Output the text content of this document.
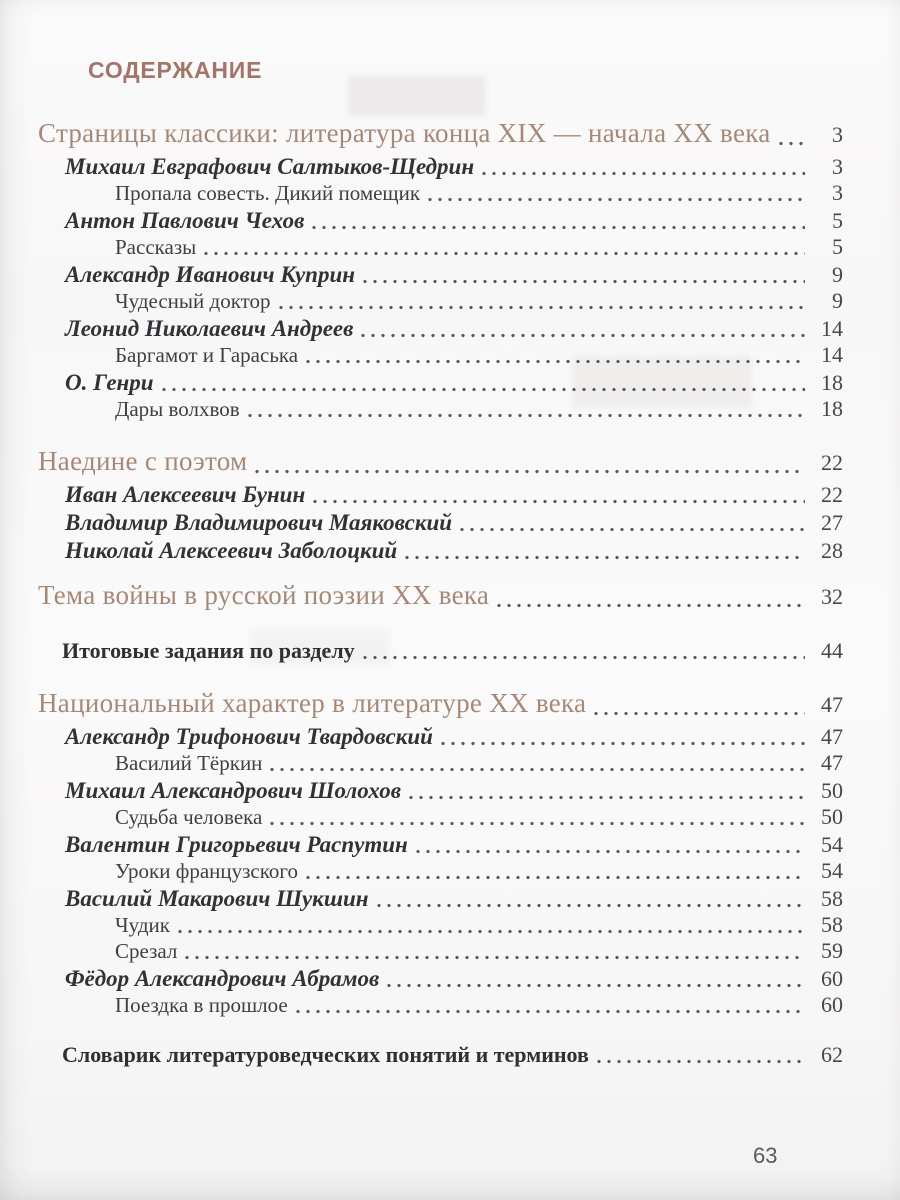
СОДЕРЖАНИЕ
Страницы классики: литература конца XIX — начала XX века	3
Михаил Евграфович Салтыков-Щедрин	3
Пропала совесть. Дикий помещик	3
Антон Павлович Чехов	5
Рассказы	5
Александр Иванович Куприн	9
Чудесный доктор	9
Леонид Николаевич Андреев	14
Баргамот и Гараська	14
О. Генри	18
Дары волхвов	18
Наедине с поэтом	22
Иван Алексеевич Бунин	22
Владимир Владимирович Маяковский	27
Николай Алексеевич Заболоцкий	28
Тема войны в русской поэзии XX века	32
Итоговые задания по разделу	44
Национальный характер в литературе XX века	47
Александр Трифонович Твардовский	47
Василий Тёркин	47
Михаил Александрович Шолохов	50
Судьба человека	50
Валентин Григорьевич Распутин	54
Уроки французского	54
Василий Макарович Шукшин	58
Чудик	58
Срезал	59
Фёдор Александрович Абрамов	60
Поездка в прошлое	60
Словарик литературоведческих понятий и терминов	62
63
